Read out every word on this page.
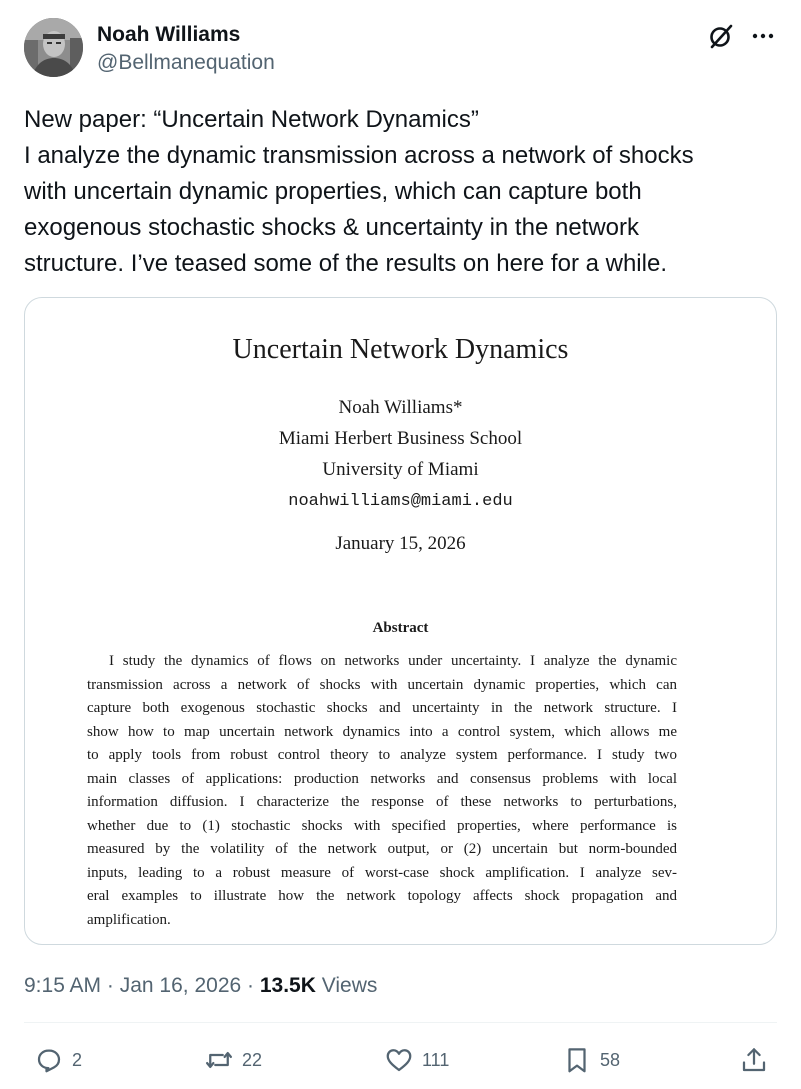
Noah Williams
@Bellmanequation
New paper: “Uncertain Network Dynamics”
I analyze the dynamic transmission across a network of shocks
with uncertain dynamic properties, which can capture both
exogenous stochastic shocks & uncertainty in the network
structure. I’ve teased some of the results on here for a while.
Uncertain Network Dynamics
Noah Williams*
Miami Herbert Business School
University of Miami
noahwilliams@miami.edu
January 15, 2026
Abstract
I study the dynamics of flows on networks under uncertainty. I analyze the dynamic
transmission across a network of shocks with uncertain dynamic properties, which can
capture both exogenous stochastic shocks and uncertainty in the network structure. I
show how to map uncertain network dynamics into a control system, which allows me
to apply tools from robust control theory to analyze system performance. I study two
main classes of applications: production networks and consensus problems with local
information diffusion. I characterize the response of these networks to perturbations,
whether due to (1) stochastic shocks with specified properties, where performance is
measured by the volatility of the network output, or (2) uncertain but norm-bounded
inputs, leading to a robust measure of worst-case shock amplification. I analyze sev-
eral examples to illustrate how the network topology affects shock propagation and
amplification.
9:15 AM · Jan 16, 2026 · 13.5K Views
2	22	111	58
